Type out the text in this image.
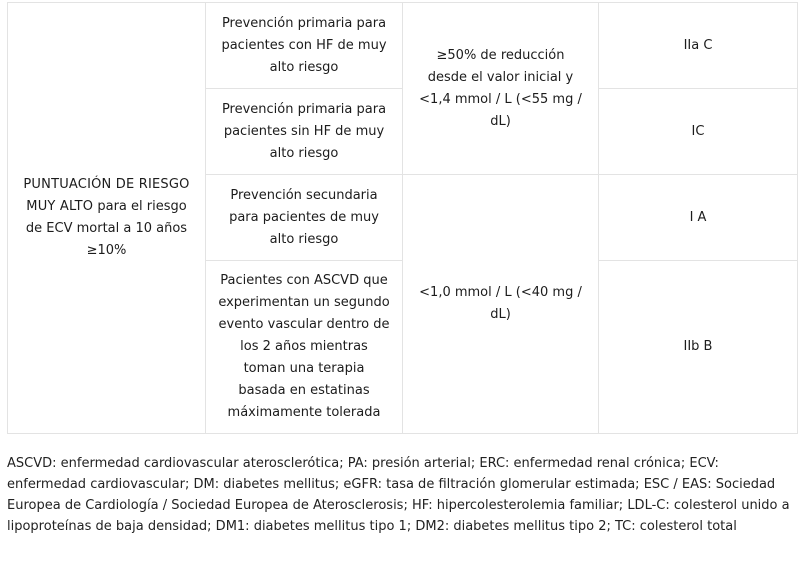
PUNTUACIÓN DE RIESGO MUY ALTO para el riesgo de ECV mortal a 10 años ≥10%	Prevención primaria para pacientes con HF de muy alto riesgo	≥50% de reducción desde el valor inicial y <1,4 mmol / L (<55 mg / dL)	IIa C
	Prevención primaria para pacientes sin HF de muy alto riesgo		IC
	Prevención secundaria para pacientes de muy alto riesgo	<1,0 mmol / L (<40 mg / dL)	I A
	Pacientes con ASCVD que experimentan un segundo evento vascular dentro de los 2 años mientras toman una terapia basada en estatinas máximamente tolerada		IIb B

ASCVD: enfermedad cardiovascular aterosclerótica; PA: presión arterial; ERC: enfermedad renal crónica; ECV: enfermedad cardiovascular; DM: diabetes mellitus; eGFR: tasa de filtración glomerular estimada; ESC / EAS: Sociedad Europea de Cardiología / Sociedad Europea de Aterosclerosis; HF: hipercolesterolemia familiar; LDL-C: colesterol unido a lipoproteínas de baja densidad; DM1: diabetes mellitus tipo 1; DM2: diabetes mellitus tipo 2; TC: colesterol total
